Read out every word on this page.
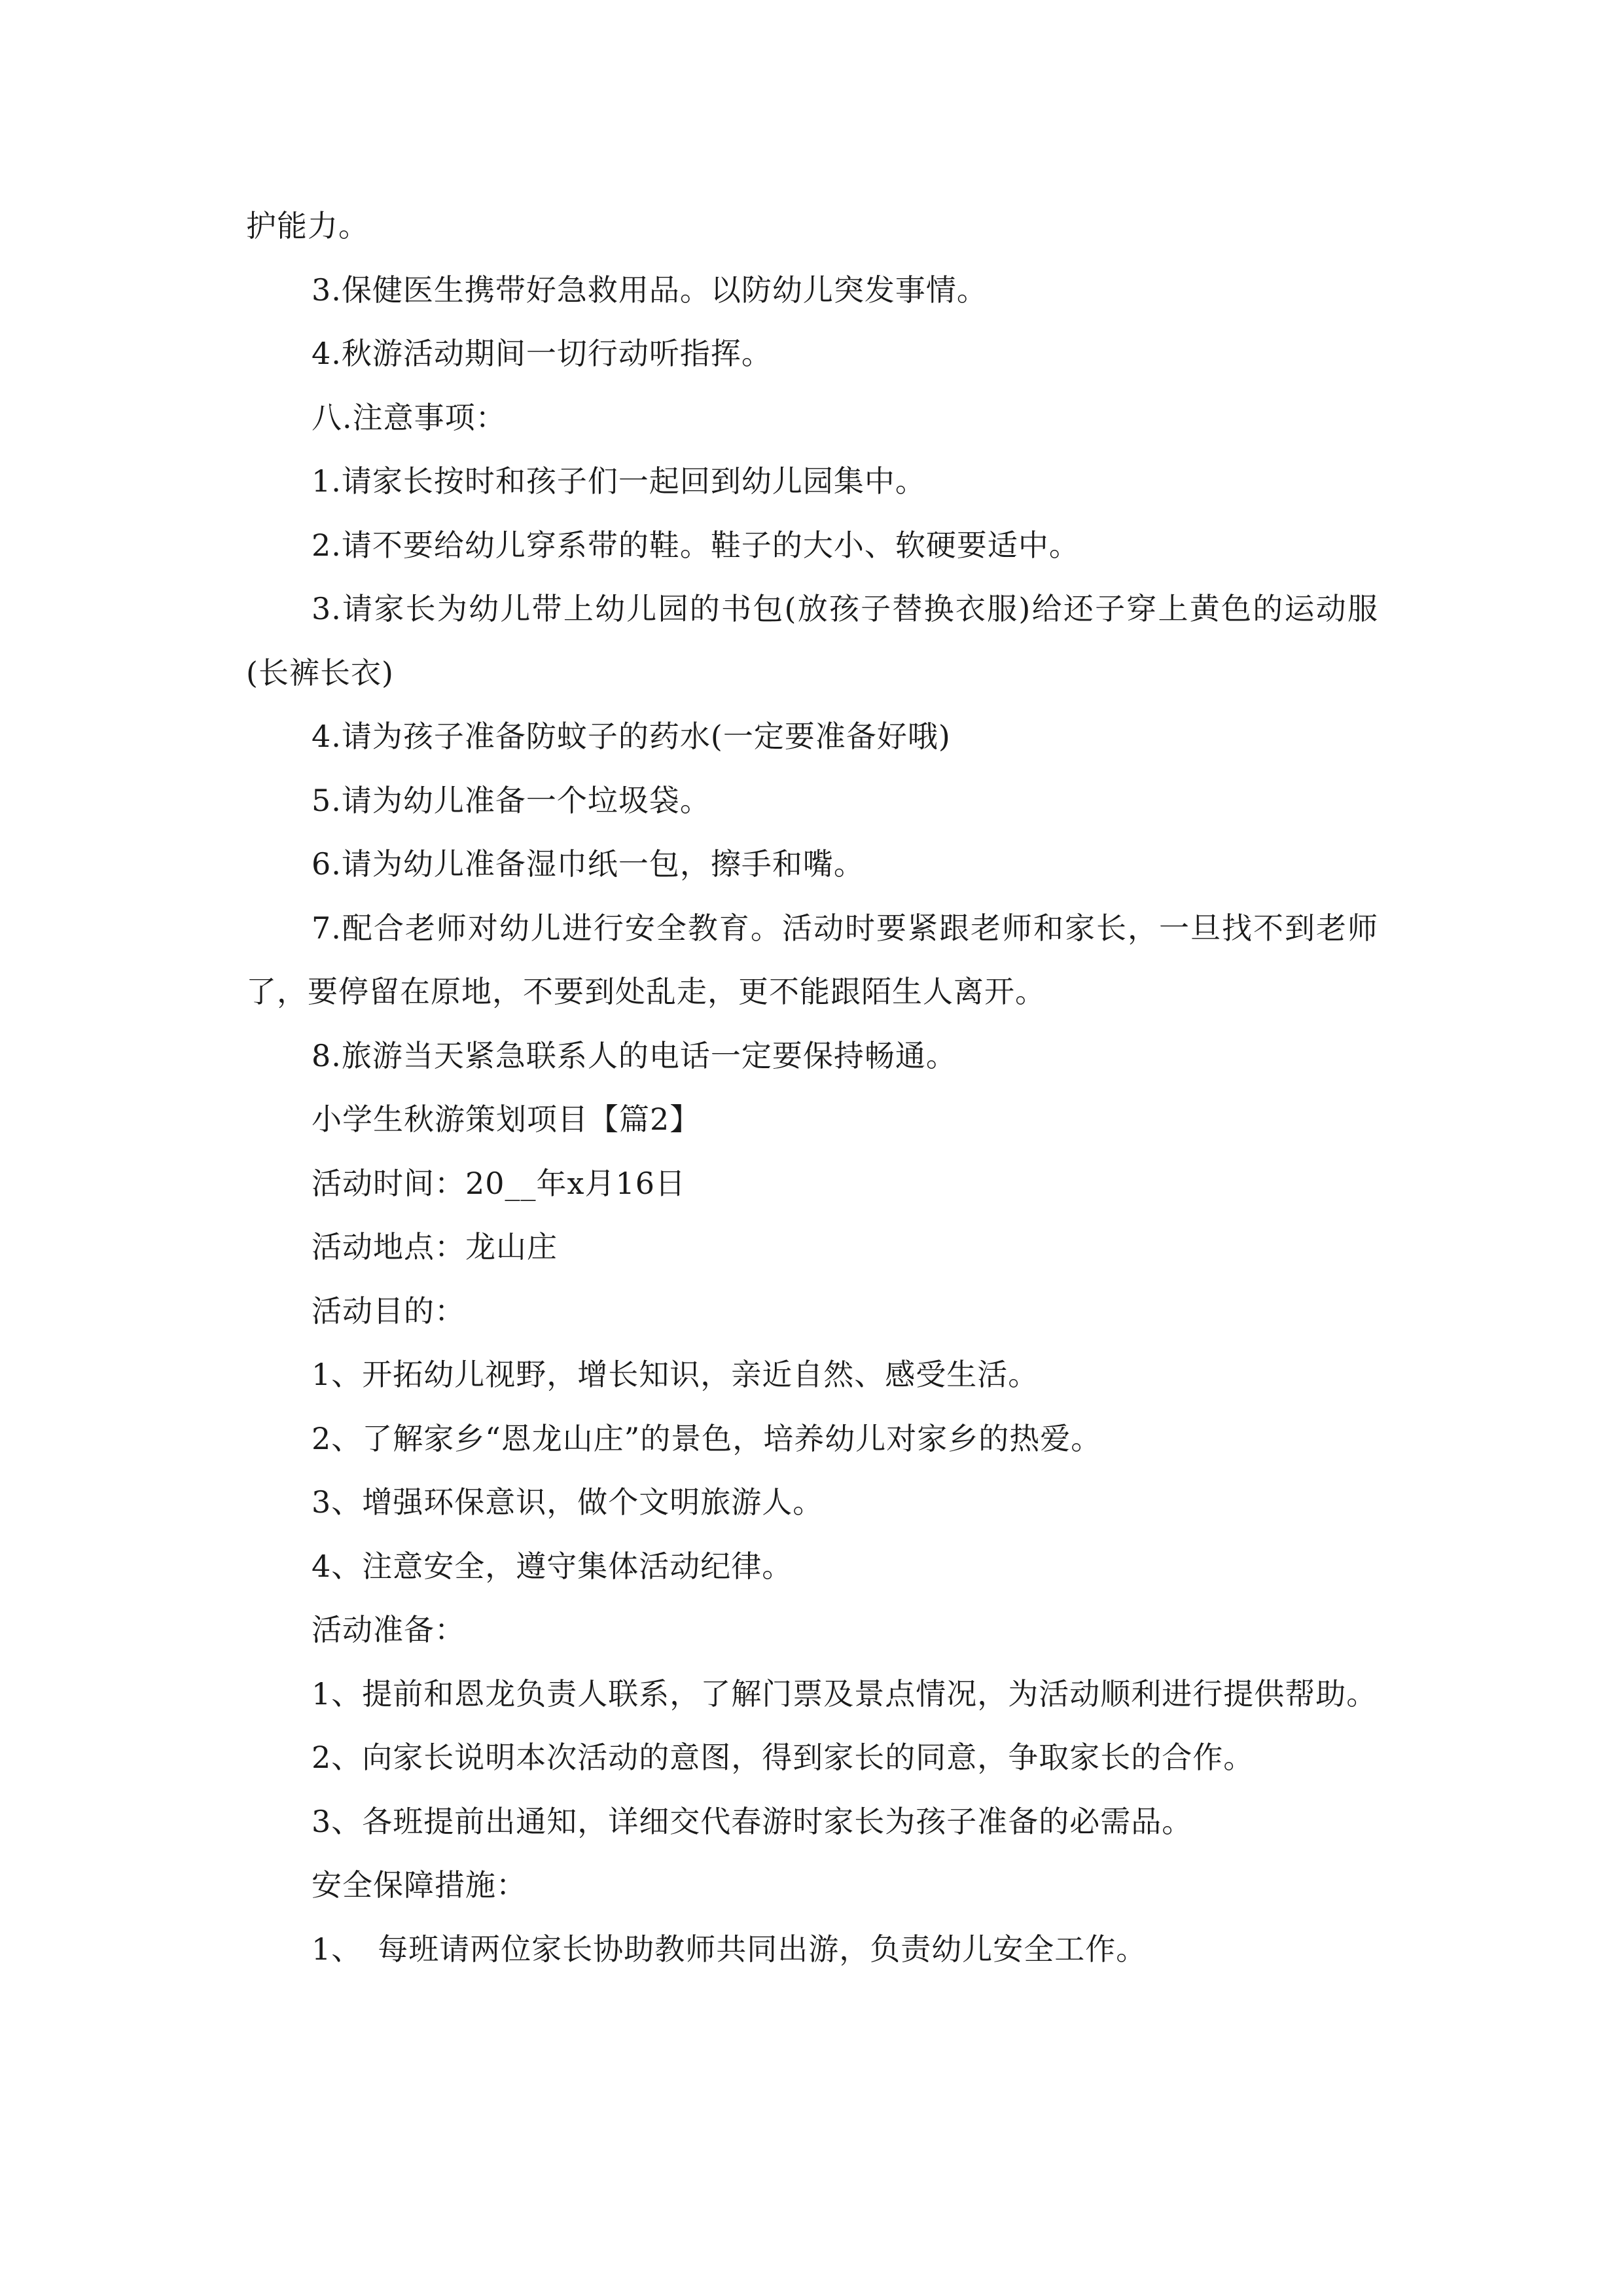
护能力。

3.保健医生携带好急救用品。以防幼儿突发事情。

4.秋游活动期间一切行动听指挥。

八.注意事项：

1.请家长按时和孩子们一起回到幼儿园集中。

2.请不要给幼儿穿系带的鞋。鞋子的大小、软硬要适中。

3.请家长为幼儿带上幼儿园的书包(放孩子替换衣服)给还子穿上黄色的运动服(长裤长衣)

4.请为孩子准备防蚊子的药水(一定要准备好哦)

5.请为幼儿准备一个垃圾袋。

6.请为幼儿准备湿巾纸一包，擦手和嘴。

7.配合老师对幼儿进行安全教育。活动时要紧跟老师和家长，一旦找不到老师了，要停留在原地，不要到处乱走，更不能跟陌生人离开。

8.旅游当天紧急联系人的电话一定要保持畅通。

小学生秋游策划项目【篇2】

活动时间：20__年x月16日

活动地点：龙山庄

活动目的：

1、开拓幼儿视野，增长知识，亲近自然、感受生活。

2、了解家乡“恩龙山庄”的景色，培养幼儿对家乡的热爱。

3、增强环保意识，做个文明旅游人。

4、注意安全，遵守集体活动纪律。

活动准备：

1、提前和恩龙负责人联系，了解门票及景点情况，为活动顺利进行提供帮助。

2、向家长说明本次活动的意图，得到家长的同意，争取家长的合作。

3、各班提前出通知，详细交代春游时家长为孩子准备的必需品。

安全保障措施：

1、　每班请两位家长协助教师共同出游，负责幼儿安全工作。
